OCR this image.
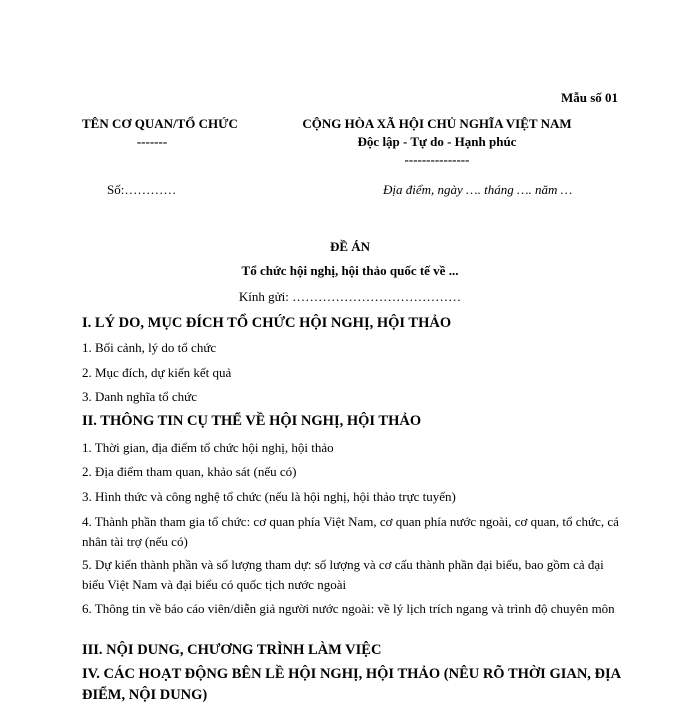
Mẫu số 01
TÊN CƠ QUAN/TỔ CHỨC
-------
CỘNG HÒA XÃ HỘI CHỦ NGHĨA VIỆT NAM
Độc lập - Tự do - Hạnh phúc
---------------
Số:…………	Địa điểm, ngày …. tháng …. năm …
ĐỀ ÁN
Tổ chức hội nghị, hội thảo quốc tế về ...
Kính gửi: …………………………………
I. LÝ DO, MỤC ĐÍCH TỔ CHỨC HỘI NGHỊ, HỘI THẢO
1. Bối cảnh, lý do tổ chức
2. Mục đích, dự kiến kết quả
3. Danh nghĩa tổ chức
II. THÔNG TIN CỤ THỂ VỀ HỘI NGHỊ, HỘI THẢO
1. Thời gian, địa điểm tổ chức hội nghị, hội thảo
2. Địa điểm tham quan, khảo sát (nếu có)
3. Hình thức và công nghệ tổ chức (nếu là hội nghị, hội thảo trực tuyến)
4. Thành phần tham gia tổ chức: cơ quan phía Việt Nam, cơ quan phía nước ngoài, cơ quan, tổ chức, cá nhân tài trợ (nếu có)
5. Dự kiến thành phần và số lượng tham dự: số lượng và cơ cấu thành phần đại biểu, bao gồm cả đại biểu Việt Nam và đại biểu có quốc tịch nước ngoài
6. Thông tin về báo cáo viên/diễn giả người nước ngoài: về lý lịch trích ngang và trình độ chuyên môn
III. NỘI DUNG, CHƯƠNG TRÌNH LÀM VIỆC
IV. CÁC HOẠT ĐỘNG BÊN LỀ HỘI NGHỊ, HỘI THẢO (NÊU RÕ THỜI GIAN, ĐỊA ĐIỂM, NỘI DUNG)
